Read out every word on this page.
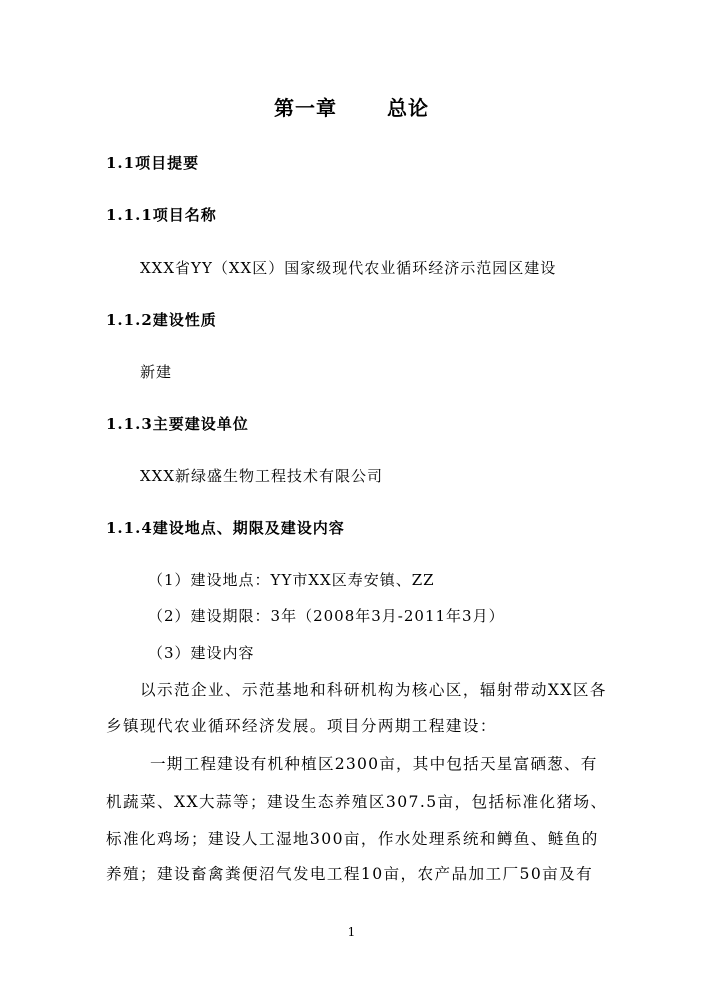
第一章	总论
1.1项目提要
1.1.1项目名称
XXX省YY（XX区）国家级现代农业循环经济示范园区建设
1.1.2建设性质
新建
1.1.3主要建设单位
XXX新绿盛生物工程技术有限公司
1.1.4建设地点、期限及建设内容
（1）建设地点：YY市XX区寿安镇、ZZ
（2）建设期限：3年（2008年3月-2011年3月）
（3）建设内容
以示范企业、示范基地和科研机构为核心区，辐射带动XX区各
乡镇现代农业循环经济发展。项目分两期工程建设：
一期工程建设有机种植区2300亩，其中包括天星富硒葱、有
机蔬菜、XX大蒜等；建设生态养殖区307.5亩，包括标准化猪场、
标准化鸡场；建设人工湿地300亩，作水处理系统和鳟鱼、鲢鱼的
养殖；建设畜禽粪便沼气发电工程10亩，农产品加工厂50亩及有
1
